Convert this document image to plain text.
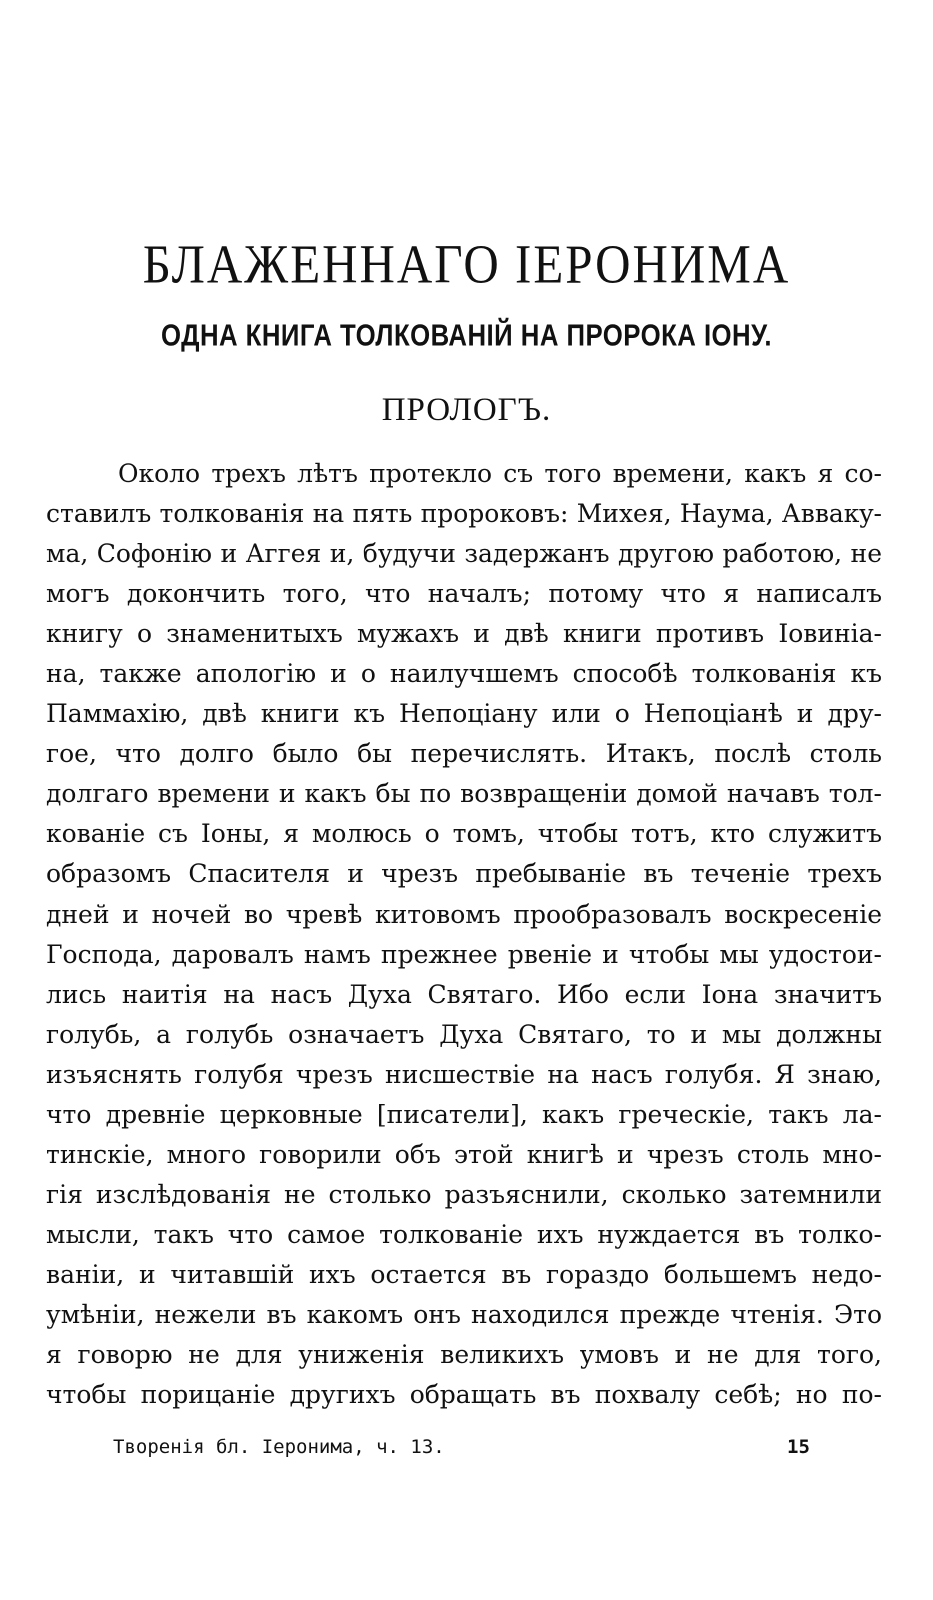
БЛАЖЕННАГО ІЕРОНИМА
ОДНА КНИГА ТОЛКОВАНІЙ НА ПРОРОКА ІОНУ.
ПРОЛОГЪ.
Около трехъ лѣтъ протекло съ того времени, какъ я со-
ставилъ толкованія на пять пророковъ: Михея, Наума, Аввакy-
ма, Софонію и Аггея и, будучи задержанъ другою работою, не
могъ докончить того, что началъ; потому что я написалъ
книгу о знаменитыхъ мужахъ и двѣ книги противъ Іовиніа-
на, также апологію и о наилучшемъ способѣ толкованія къ
Паммахію, двѣ книги къ Непоціану или о Непоціанѣ и дру-
гое, что долго было бы перечислять. Итакъ, послѣ столь
долгаго времени и какъ бы по возвращеніи домой начавъ тол-
кованіе съ Іоны, я молюсь о томъ, чтобы тотъ, кто служитъ
образомъ Спасителя и чрезъ пребываніе въ теченіе трехъ
дней и ночей во чревѣ китовомъ прообразовалъ воскресеніе
Господа, даровалъ намъ прежнее рвеніе и чтобы мы удостои-
лись наитія на насъ Духа Святаго. Ибо если Іона значитъ
голубь, а голубь означаетъ Духа Святаго, то и мы должны
изъяснять голубя чрезъ нисшествіе на насъ голубя. Я знаю,
что древніе церковные [писатели], какъ греческіе, такъ ла-
тинскіе, много говорили объ этой книгѣ и чрезъ столь мно-
гія изслѣдованія не столько разъяснили, сколько затемнили
мысли, такъ что самое толкованіе ихъ нуждается въ толко-
ваніи, и читавшій ихъ остается въ гораздо большемъ недо-
умѣніи, нежели въ какомъ онъ находился прежде чтенія. Это
я говорю не для униженія великихъ умовъ и не для того,
чтобы порицаніе другихъ обращать въ похвалу себѣ; но по-
Творенія бл. Іеронима, ч. 13.	15
